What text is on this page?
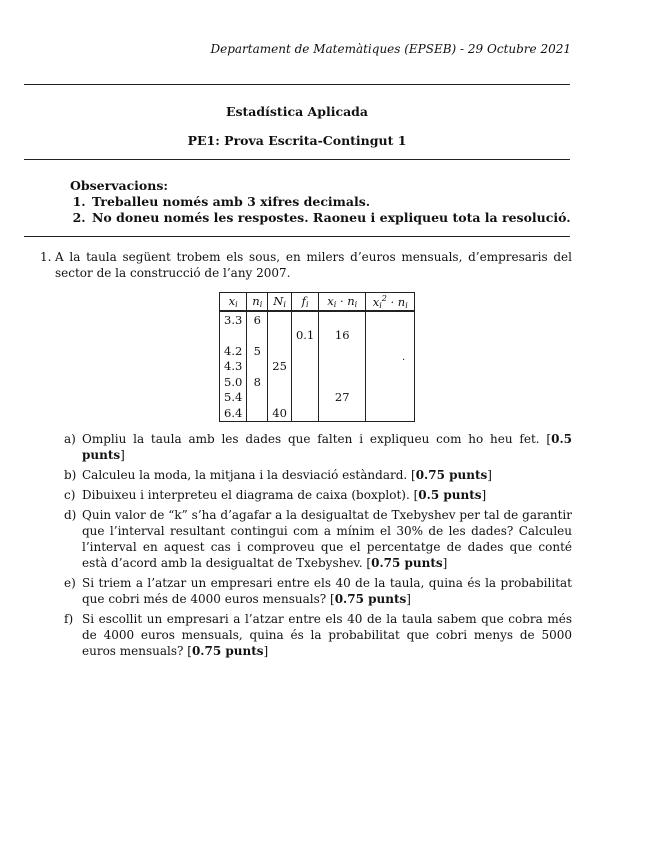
Departament de Matemàtiques (EPSEB) - 29 Octubre 2021
Estadística Aplicada
PE1: Prova Escrita-Contingut 1
Observacions:
1. Treballeu només amb 3 xifres decimals.
2. No doneu només les respostes. Raoneu i expliqueu tota la resolució.
1. A la taula següent trobem els sous, en milers d’euros mensuals, d’empresaris del sector de la construcció de l’any 2007.
$x_i$	$n_i$	$N_i$	$f_i$	$x_i \cdot n_i$	$x_i^2 \cdot n_i$
3.3	6				
			0.1	16	
4.2	5				
4.3		25			
5.0	8				
5.4				27	
6.4		40			
.
a) Ompliu la taula amb les dades que falten i expliqueu com ho heu fet. [0.5 punts]
b) Calculeu la moda, la mitjana i la desviació estàndard. [0.75 punts]
c) Dibuixeu i interpreteu el diagrama de caixa (boxplot). [0.5 punts]
d) Quin valor de “k” s’ha d’agafar a la desigualtat de Txebyshev per tal de garantir que l’interval resultant contingui com a mínim el 30% de les dades? Calculeu l’interval en aquest cas i comproveu que el percentatge de dades que conté està d’acord amb la desigualtat de Txebyshev. [0.75 punts]
e) Si triem a l’atzar un empresari entre els 40 de la taula, quina és la probabilitat que cobri més de 4000 euros mensuals? [0.75 punts]
f) Si escollit un empresari a l’atzar entre els 40 de la taula sabem que cobra més de 4000 euros mensuals, quina és la probabilitat que cobri menys de 5000 euros mensuals? [0.75 punts]
